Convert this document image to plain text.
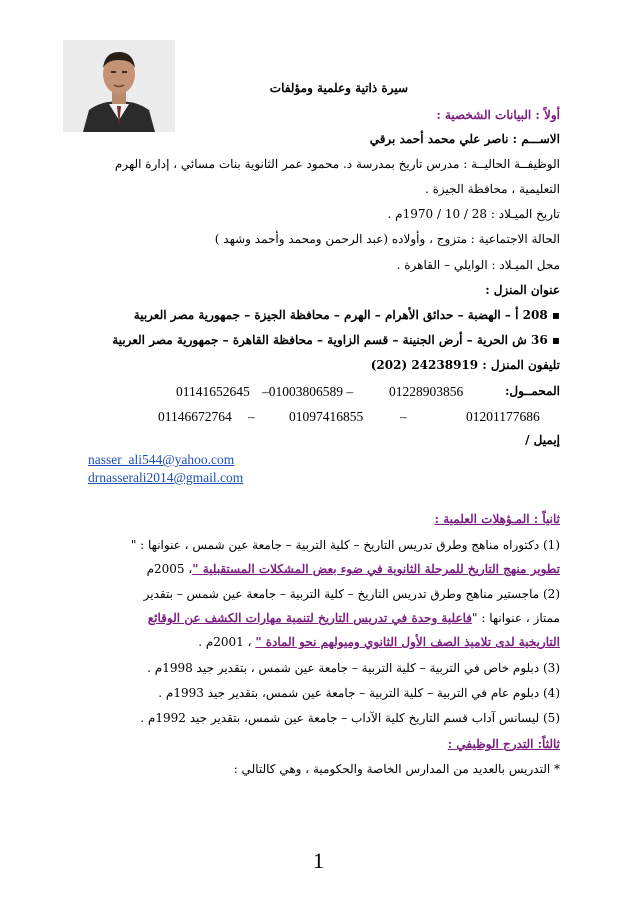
سيرة ذاتية وعلمية ومؤلفات
أولاً : البيانات الشخصية :
الاســـم : ناصر علي محمد أحمد برقي
الوظيفــة الحاليــة : مدرس تاريخ بمدرسة د. محمود عمر الثانوية بنات مسائي ، إدارة الهرم
التعليمية ، محافظة الجيزة .
تاريخ الميـلاد : 28 / 10 / 1970م .
الحالة الاجتماعية : متزوج ، وأولاده (عبد الرحمن ومحمد وأحمد وشهد )
محل الميـلاد : الوايلي – القاهرة .
عنوان المنزل :
▪ 208 أ – الهضبة – حدائق الأهرام – الهرم – محافظة الجيزة – جمهورية مصر العربية
▪ 36 ش الحرية – أرض الجنينة – قسم الزاوية – محافظة القاهرة – جمهورية مصر العربية
تليفون المنزل : 24238919 (202)
المحمــول:
01228903856
–01003806589 –
01141652645
01201177686
–
01097416855
–
01146672764
إيميل /
nasser_ali544@yahoo.com
drnasserali2014@gmail.com
ثانياً : المـؤهلات العلمية :
(1) دكتوراه مناهج وطرق تدريس التاريخ – كلية التربية – جامعة عين شمس ، عنوانها : "
تطوير منهج التاريخ للمرحلة الثانوية في ضوء بعض المشكلات المستقبلية "، 2005م
(2) ماجستير مناهج وطرق تدريس التاريخ – كلية التربية – جامعة عين شمس – بتقدير
ممتاز ، عنوانها : "فاعلية وحدة في تدريس التاريخ لتنمية مهارات الكشف عن الوقائع
التاريخية لدى تلاميذ الصف الأول الثانوي وميولهم نحو المادة " ، 2001م .
(3) دبلوم خاص في التربية – كلية التربية – جامعة عين شمس ، بتقدير جيد 1998م .
(4) دبلوم عام في التربية – كلية التربية – جامعة عين شمس، بتقدير جيد 1993م .
(5) ليسانس آداب قسم التاريخ كلية الآداب – جامعة عين شمس، بتقدير جيد 1992م .
ثالثاً: التدرج الوظيفي :
* التدريس بالعديد من المدارس الخاصة والحكومية ، وهي كالتالي :
1
